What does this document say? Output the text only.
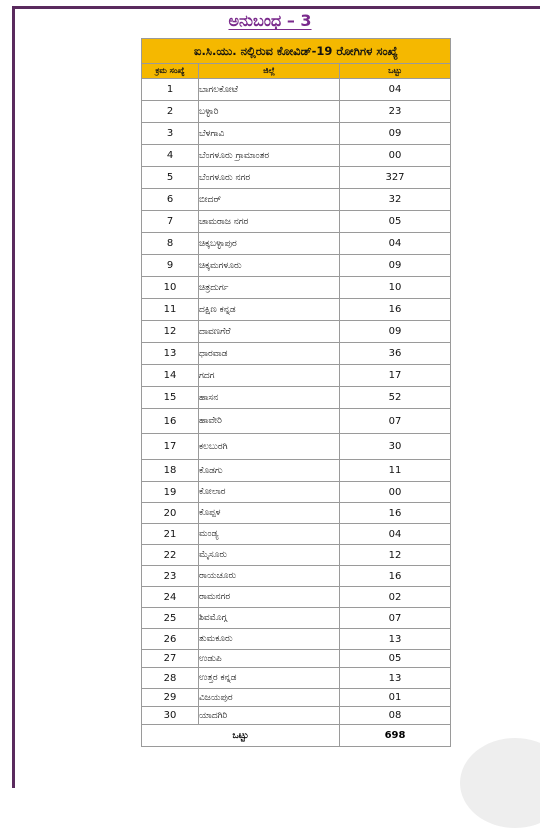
ಅನುಬಂಧ – 3
ಐ.ಸಿ.ಯು. ನಲ್ಲಿರುವ ಕೋವಿಡ್-19 ರೋಗಿಗಳ ಸಂಖ್ಯೆ		
ಕ್ರಮ ಸಂಖ್ಯೆ	ಜಿಲ್ಲೆ	ಒಟ್ಟು
1	ಬಾಗಲಕೋಟೆ	04
2	ಬಳ್ಳಾರಿ	23
3	ಬೆಳಗಾವಿ	09
4	ಬೆಂಗಳೂರು ಗ್ರಾಮಾಂತರ	00
5	ಬೆಂಗಳೂರು ನಗರ	327
6	ಬೀದರ್	32
7	ಚಾಮರಾಜ ನಗರ	05
8	ಚಿಕ್ಕಬಳ್ಳಾಪುರ	04
9	ಚಿಕ್ಕಮಗಳೂರು	09
10	ಚಿತ್ರದುರ್ಗ	10
11	ದಕ್ಷಿಣ ಕನ್ನಡ	16
12	ದಾವಣಗೆರೆ	09
13	ಧಾರವಾಡ	36
14	ಗದಗ	17
15	ಹಾಸನ	52
16	ಹಾವೇರಿ	07
17	ಕಲಬುರಗಿ	30
18	ಕೊಡಗು	11
19	ಕೋಲಾರ	00
20	ಕೊಪ್ಪಳ	16
21	ಮಂಡ್ಯ	04
22	ಮೈಸೂರು	12
23	ರಾಯಚೂರು	16
24	ರಾಮನಗರ	02
25	ಶಿವಮೊಗ್ಗ	07
26	ತುಮಕೂರು	13
27	ಉಡುಪಿ	05
28	ಉತ್ತರ ಕನ್ನಡ	13
29	ವಿಜಯಪುರ	01
30	ಯಾದಗಿರಿ	08
ಒಟ್ಟು		698
